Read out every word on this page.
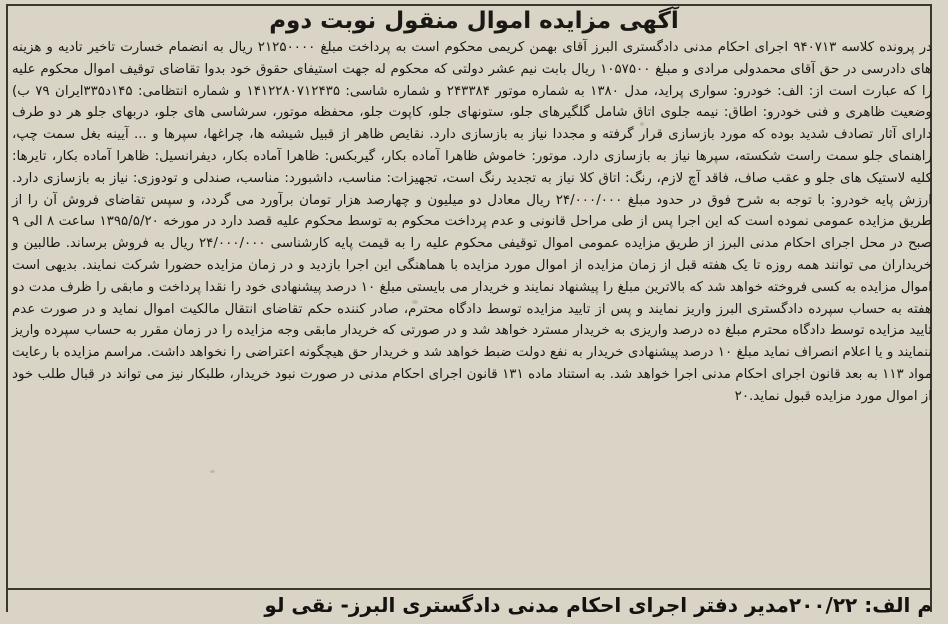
آگهی مزایده اموال منقول نوبت دوم

در پرونده کلاسه ۹۴۰۷۱۳ اجرای احکام مدنی دادگستری البرز آقای بهمن کریمی محکوم است به پرداخت مبلغ ۲۱۲۵۰۰۰۰ ریال به انضمام خسارت تاخیر تادیه و هزینه های دادرسی در حق آقای محمدولی مرادی و مبلغ ۱۰۵۷۵۰۰ ریال بابت نیم عشر دولتی که محکوم له جهت استیفای حقوق خود بدوا تقاضای توقیف اموال محکوم علیه را که عبارت است از: الف: خودرو: سواری پراید، مدل ۱۳۸۰ به شماره موتور ۲۴۳۳۸۴ و شماره شاسی: ۱۴۱۲۲۸۰۷۱۲۴۳۵ و شماره انتظامی: ۱۴۵د۳۳۵ایران ۷۹ ب) وضعیت ظاهری و فنی خودرو: اطاق: نیمه جلوی اتاق شامل گلگیرهای جلو، ستونهای جلو، کاپوت جلو، محفظه موتور، سرشاسی های جلو، دربهای جلو هر دو طرف دارای آثار تصادف شدید بوده که مورد بازسازی قرار گرفته و مجددا نیاز به بازسازی دارد. نقایص ظاهر از قبیل شیشه ها، چراغها، سپرها و ... آیینه بغل سمت چپ، راهنمای جلو سمت راست شکسته، سپرها نیاز به بازسازی دارد. موتور: خاموش ظاهرا آماده بکار، گیربکس: ظاهرا آماده بکار، دیفرانسیل: ظاهرا آماده بکار، تایرها: کلیه لاستیک های جلو و عقب صاف، فاقد آچ لازم، رنگ: اتاق کلا نیاز به تجدید رنگ است، تجهیزات: مناسب، داشبورد: مناسب، صندلی و تودوزی: نیاز به بازسازی دارد. ارزش پایه خودرو: با توجه به شرح فوق در حدود مبلغ ۲۴/۰۰۰/۰۰۰ ریال معادل دو میلیون و چهارصد هزار تومان برآورد می گردد، و سپس تقاضای فروش آن را از طریق مزایده عمومی نموده است که این اجرا پس از طی مراحل قانونی و عدم پرداخت محکوم به توسط محکوم علیه قصد دارد در مورخه ۱۳۹۵/۵/۲۰ ساعت ۸ الی ۹ صبح در محل اجرای احکام مدنی البرز از طریق مزایده عمومی اموال توقیفی محکوم علیه را به قیمت پایه کارشناسی ۲۴/۰۰۰/۰۰۰ ریال به فروش برساند. طالبین و خریداران می توانند همه روزه تا یک هفته قبل از زمان مزایده از اموال مورد مزایده با هماهنگی این اجرا بازدید و در زمان مزایده حضورا شرکت نمایند. بدیهی است اموال مزایده به کسی فروخته خواهد شد که بالاترین مبلغ را پیشنهاد نمایند و خریدار می بایستی مبلغ ۱۰ درصد پیشنهادی خود را نقدا پرداخت و مابقی را ظرف مدت دو هفته به حساب سپرده دادگستری البرز واریز نمایند و پس از تایید مزایده توسط دادگاه محترم، صادر کننده حکم تقاضای انتقال مالکیت اموال نماید و در صورت عدم تایید مزایده توسط دادگاه محترم مبلغ ده درصد واریزی به خریدار مسترد خواهد شد و در صورتی که خریدار مابقی وجه مزایده را در زمان مقرر به حساب سپرده واریز ننمایند و یا اعلام انصراف نماید مبلغ ۱۰ درصد پیشنهادی خریدار به نفع دولت ضبط خواهد شد و خریدار حق هیچگونه اعتراضی را نخواهد داشت. مراسم مزایده با رعایت مواد ۱۱۳ به بعد قانون اجرای احکام مدنی اجرا خواهد شد. به استناد ماده ۱۳۱ قانون اجرای احکام مدنی در صورت نبود خریدار، طلبکار نیز می تواند در قبال طلب خود از اموال مورد مزایده قبول نماید.۲۰

م الف: ۲۰۰/۲۲مدیر دفتر اجرای احکام مدنی دادگستری البرز- نقی لو
